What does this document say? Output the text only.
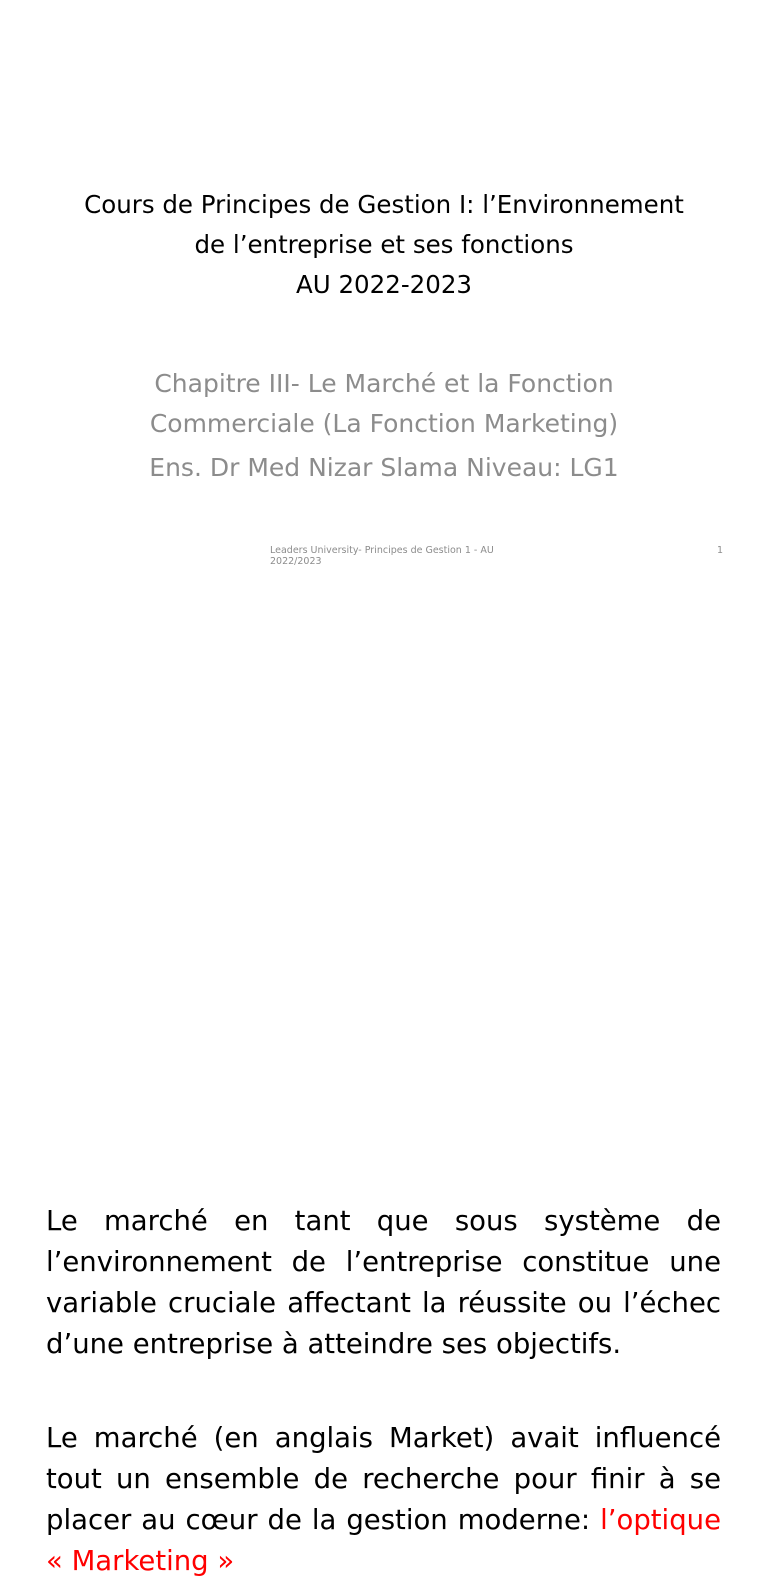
Cours de Principes de Gestion I: l’Environnement
de l’entreprise et ses fonctions
AU 2022-2023
Chapitre III- Le Marché et la Fonction
Commerciale (La Fonction Marketing)
Ens. Dr Med Nizar Slama Niveau: LG1
Leaders University- Principes de Gestion 1 - AU 2022/2023
1
Le marché en tant que sous système de l’environnement de l’entreprise constitue une variable cruciale affectant la réussite ou l’échec d’une entreprise à atteindre ses objectifs.
Le marché (en anglais Market) avait influencé tout un ensemble de recherche pour finir à se placer au cœur de la gestion moderne: l’optique « Marketing »
